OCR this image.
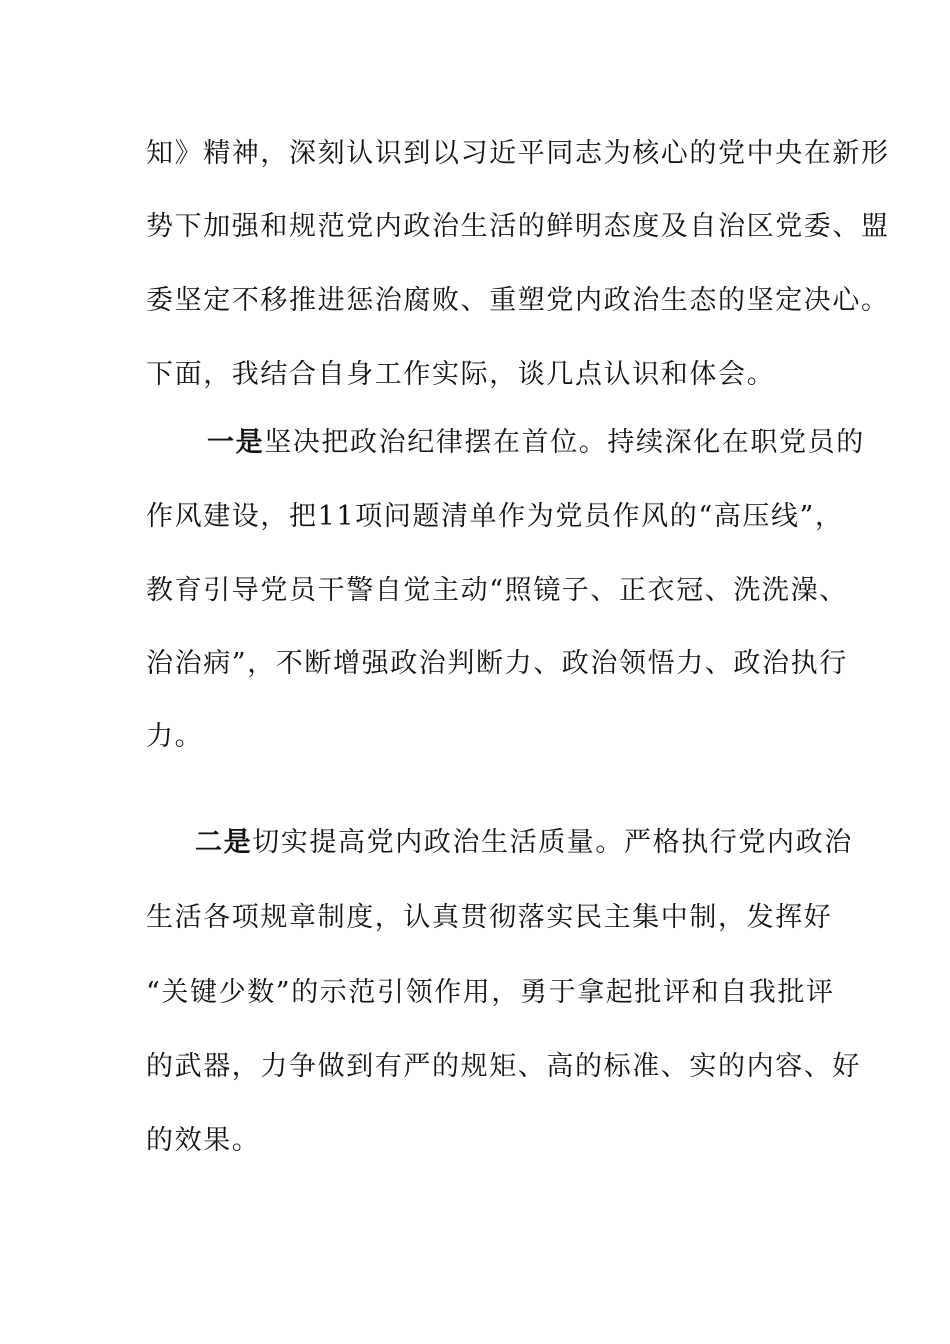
知》精神，深刻认识到以习近平同志为核心的党中央在新形
势下加强和规范党内政治生活的鲜明态度及自治区党委、盟
委坚定不移推进惩治腐败、重塑党内政治生态的坚定决心。
下面，我结合自身工作实际，谈几点认识和体会。
一是坚决把政治纪律摆在首位。持续深化在职党员的
作风建设，把11项问题清单作为党员作风的“高压线”，
教育引导党员干警自觉主动“照镜子、正衣冠、洗洗澡、
治治病”，不断增强政治判断力、政治领悟力、政治执行
力。
二是切实提高党内政治生活质量。严格执行党内政治
生活各项规章制度，认真贯彻落实民主集中制，发挥好
“关键少数”的示范引领作用，勇于拿起批评和自我批评
的武器，力争做到有严的规矩、高的标准、实的内容、好
的效果。
